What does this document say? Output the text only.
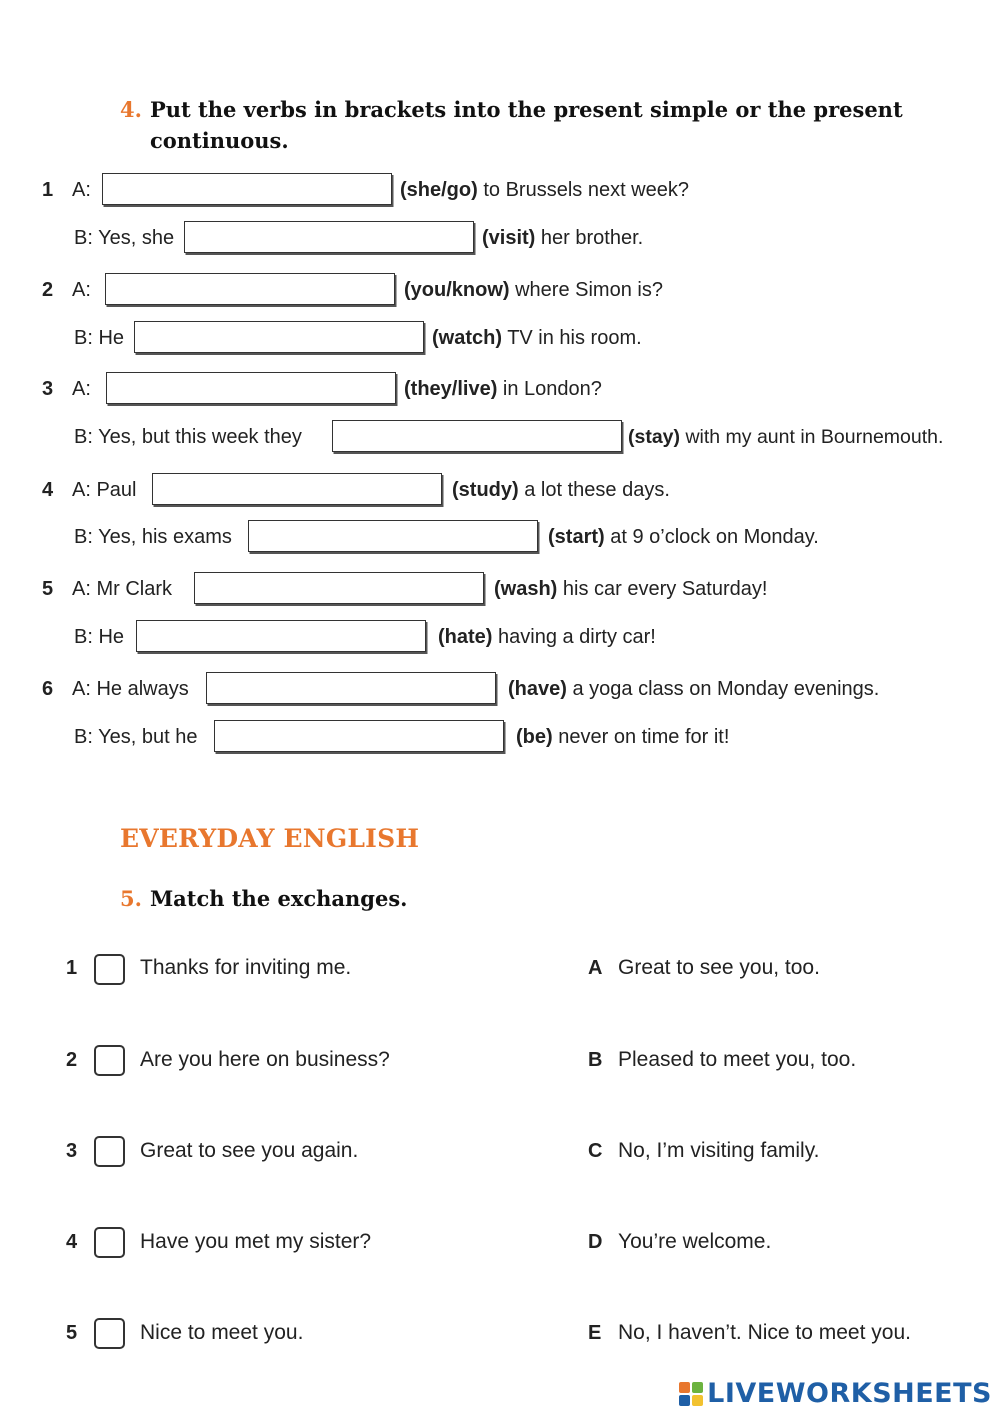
4. Put the verbs in brackets into the present simple or the present
continuous.
1 A:	(she/go) to Brussels next week?
B: Yes, she	(visit) her brother.
2 A:	(you/know) where Simon is?
B: He	(watch) TV in his room.
3 A:	(they/live) in London?
B: Yes, but this week they	(stay) with my aunt in Bournemouth.
4 A: Paul	(study) a lot these days.
B: Yes, his exams	(start) at 9 o’clock on Monday.
5 A: Mr Clark	(wash) his car every Saturday!
B: He	(hate) having a dirty car!
6 A: He always	(have) a yoga class on Monday evenings.
B: Yes, but he	(be) never on time for it!
EVERYDAY ENGLISH
5. Match the exchanges.
1	Thanks for inviting me.	A Great to see you, too.
2	Are you here on business?	B Pleased to meet you, too.
3	Great to see you again.	C No, I’m visiting family.
4	Have you met my sister?	D You’re welcome.
5	Nice to meet you.	E No, I haven’t. Nice to meet you.
LIVEWORKSHEETS
